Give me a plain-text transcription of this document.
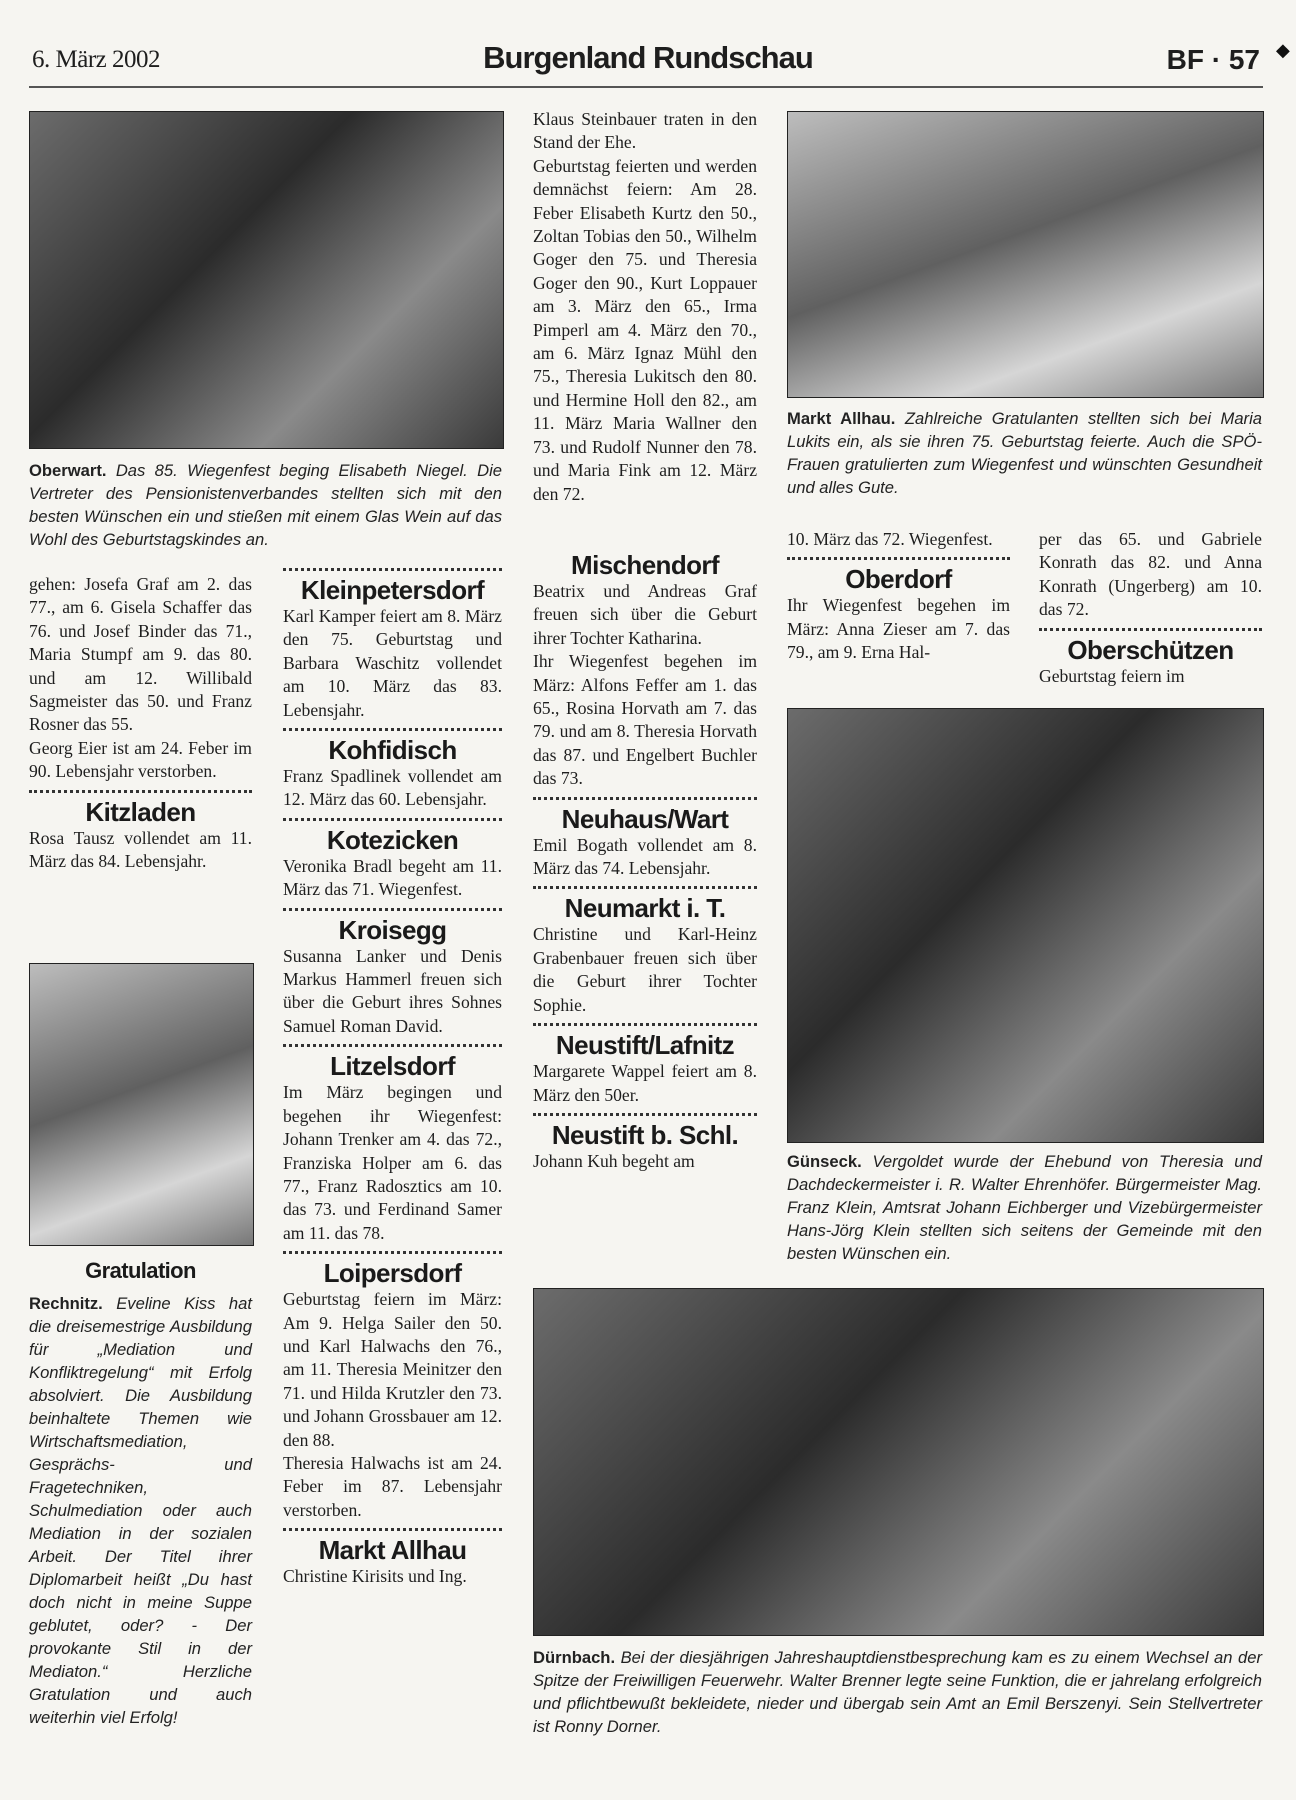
6. März 2002	Burgenland Rundschau	BF · 57
Oberwart. Das 85. Wiegenfest beging Elisabeth Niegel. Die Vertreter des Pensionistenverbandes stellten sich mit den besten Wünschen ein und stießen mit einem Glas Wein auf das Wohl des Geburtstagskindes an.
Markt Allhau. Zahlreiche Gratulanten stellten sich bei Maria Lukits ein, als sie ihren 75. Geburtstag feierte. Auch die SPÖ-Frauen gratulierten zum Wiegenfest und wünschten Gesundheit und alles Gute.
Günseck. Vergoldet wurde der Ehebund von Theresia und Dachdeckermeister i. R. Walter Ehrenhöfer. Bürgermeister Mag. Franz Klein, Amtsrat Johann Eichberger und Vizebürgermeister Hans-Jörg Klein stellten sich seitens der Gemeinde mit den besten Wünschen ein.
Dürnbach. Bei der diesjährigen Jahreshauptdienstbesprechung kam es zu einem Wechsel an der Spitze der Freiwilligen Feuerwehr. Walter Brenner legte seine Funktion, die er jahrelang erfolgreich und pflichtbewußt bekleidete, nieder und übergab sein Amt an Emil Berszenyi. Sein Stellvertreter ist Ronny Dorner.
Gratulation
Rechnitz. Eveline Kiss hat die dreisemestrige Ausbildung für „Mediation und Konfliktregelung“ mit Erfolg absolviert. Die Ausbildung beinhaltete Themen wie Wirtschaftsmediation, Gesprächs- und Fragetechniken, Schulmediation oder auch Mediation in der sozialen Arbeit. Der Titel ihrer Diplomarbeit heißt „Du hast doch nicht in meine Suppe geblutet, oder? - Der provokante Stil in der Mediaton.“ Herzliche Gratulation und auch weiterhin viel Erfolg!

gehen: Josefa Graf am 2. das 77., am 6. Gisela Schaffer das 76. und Josef Binder das 71., Maria Stumpf am 9. das 80. und am 12. Willibald Sagmeister das 50. und Franz Rosner das 55.

Georg Eier ist am 24. Feber im 90. Lebensjahr verstorben.

Kitzladen

Rosa Tausz vollendet am 11. März das 84. Lebensjahr.

Kleinpetersdorf

Karl Kamper feiert am 8. März den 75. Geburtstag und Barbara Waschitz vollendet am 10. März das 83. Lebensjahr.

Kohfidisch

Franz Spadlinek vollendet am 12. März das 60. Lebensjahr.

Kotezicken

Veronika Bradl begeht am 11. März das 71. Wiegenfest.

Kroisegg

Susanna Lanker und Denis Markus Hammerl freuen sich über die Geburt ihres Sohnes Samuel Roman David.

Litzelsdorf

Im März begingen und begehen ihr Wiegenfest: Johann Trenker am 4. das 72., Franziska Holper am 6. das 77., Franz Radosztics am 10. das 73. und Ferdinand Samer am 11. das 78.

Loipersdorf

Geburtstag feiern im März: Am 9. Helga Sailer den 50. und Karl Halwachs den 76., am 11. Theresia Meinitzer den 71. und Hilda Krutzler den 73. und Johann Grossbauer am 12. den 88.

Theresia Halwachs ist am 24. Feber im 87. Lebensjahr verstorben.

Markt Allhau

Christine Kirisits und Ing.

Klaus Steinbauer traten in den Stand der Ehe.

Geburtstag feierten und werden demnächst feiern: Am 28. Feber Elisabeth Kurtz den 50., Zoltan Tobias den 50., Wilhelm Goger den 75. und Theresia Goger den 90., Kurt Loppauer am 3. März den 65., Irma Pimperl am 4. März den 70., am 6. März Ignaz Mühl den 75., Theresia Lukitsch den 80. und Hermine Holl den 82., am 11. März Maria Wallner den 73. und Rudolf Nunner den 78. und Maria Fink am 12. März den 72.

Mischendorf

Beatrix und Andreas Graf freuen sich über die Geburt ihrer Tochter Katharina.

Ihr Wiegenfest begehen im März: Alfons Feffer am 1. das 65., Rosina Horvath am 7. das 79. und am 8. Theresia Horvath das 87. und Engelbert Buchler das 73.

Neuhaus/Wart

Emil Bogath vollendet am 8. März das 74. Lebensjahr.

Neumarkt i. T.

Christine und Karl-Heinz Grabenbauer freuen sich über die Geburt ihrer Tochter Sophie.

Neustift/Lafnitz

Margarete Wappel feiert am 8. März den 50er.

Neustift b. Schl.

Johann Kuh begeht am

10. März das 72. Wiegenfest.

Oberdorf

Ihr Wiegenfest begehen im März: Anna Zieser am 7. das 79., am 9. Erna Hal-

per das 65. und Gabriele Konrath das 82. und Anna Konrath (Ungerberg) am 10. das 72.

Oberschützen

Geburtstag feiern im

◆
